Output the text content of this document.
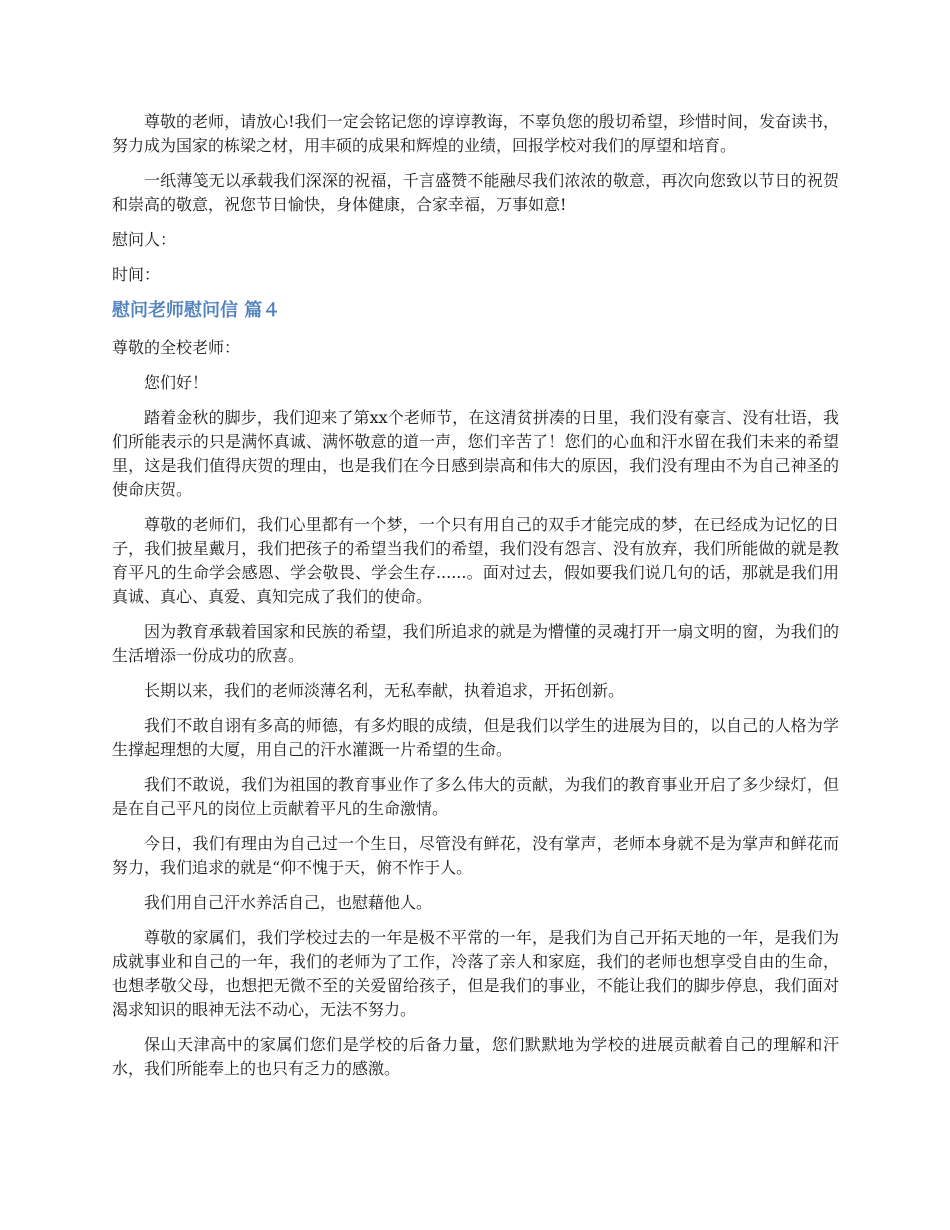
尊敬的老师，请放心!我们一定会铭记您的谆谆教诲，不辜负您的殷切希望，珍惜时间，发奋读书，努力成为国家的栋梁之材，用丰硕的成果和辉煌的业绩，回报学校对我们的厚望和培育。

一纸薄笺无以承载我们深深的祝福，千言盛赞不能融尽我们浓浓的敬意，再次向您致以节日的祝贺和崇高的敬意，祝您节日愉快，身体健康，合家幸福，万事如意!

慰问人：

时间：

慰问老师慰问信 篇４

尊敬的全校老师：

您们好！

踏着金秋的脚步，我们迎来了第xx个老师节，在这清贫拼凑的日里，我们没有豪言、没有壮语，我们所能表示的只是满怀真诚、满怀敬意的道一声，您们辛苦了！您们的心血和汗水留在我们未来的希望里，这是我们值得庆贺的理由，也是我们在今日感到崇高和伟大的原因，我们没有理由不为自己神圣的使命庆贺。

尊敬的老师们，我们心里都有一个梦，一个只有用自己的双手才能完成的梦，在已经成为记忆的日子，我们披星戴月，我们把孩子的希望当我们的希望，我们没有怨言、没有放弃，我们所能做的就是教育平凡的生命学会感恩、学会敬畏、学会生存......。面对过去，假如要我们说几句的话，那就是我们用真诚、真心、真爱、真知完成了我们的使命。

因为教育承载着国家和民族的希望，我们所追求的就是为懵懂的灵魂打开一扇文明的窗，为我们的生活增添一份成功的欣喜。

长期以来，我们的老师淡薄名利，无私奉献，执着追求，开拓创新。

我们不敢自诩有多高的师德，有多灼眼的成绩，但是我们以学生的进展为目的，以自己的人格为学生撑起理想的大厦，用自己的汗水灌溉一片希望的生命。

我们不敢说，我们为祖国的教育事业作了多么伟大的贡献，为我们的教育事业开启了多少绿灯，但是在自己平凡的岗位上贡献着平凡的生命激情。

今日，我们有理由为自己过一个生日，尽管没有鲜花，没有掌声，老师本身就不是为掌声和鲜花而努力，我们追求的就是“仰不愧于天，俯不怍于人。

我们用自己汗水养活自己，也慰藉他人。

尊敬的家属们，我们学校过去的一年是极不平常的一年，是我们为自己开拓天地的一年，是我们为成就事业和自己的一年，我们的老师为了工作，冷落了亲人和家庭，我们的老师也想享受自由的生命，也想孝敬父母，也想把无微不至的关爱留给孩子，但是我们的事业，不能让我们的脚步停息，我们面对渴求知识的眼神无法不动心，无法不努力。

保山天津高中的家属们您们是学校的后备力量，您们默默地为学校的进展贡献着自己的理解和汗水，我们所能奉上的也只有乏力的感激。
